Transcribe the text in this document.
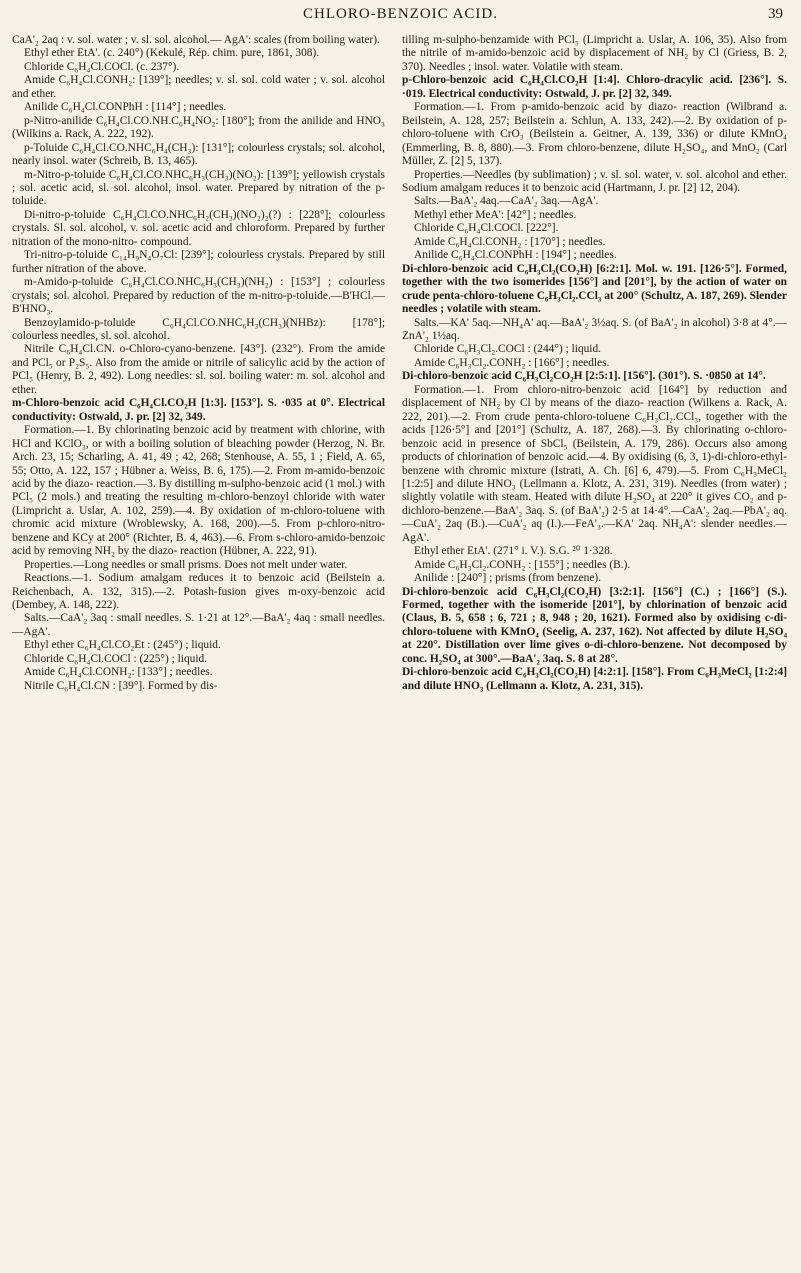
CHLORO-BENZOIC ACID.	39

CaA'₂ 2aq : v. sol. water ; v. sl. sol. alcohol.— AgA': scales (from boiling water).

Ethyl ether EtA'. (c. 240°) (Kekulé, Rép. chim. pure, 1861, 308).

Chloride C₆H₄Cl.COCl. (c. 237°).

Amide C₆H₄Cl.CONH₂: [139°]; needles; v. sl. sol. cold water ; v. sol. alcohol and ether.

Anilide C₆H₄Cl.CONPhH : [114°] ; needles.

p-Nitro-anilide C₆H₄Cl.CO.NH.C₆H₄NO₂: [180°]; from the anilide and HNO₃ (Wilkins a. Rack, A. 222, 192).

p-Toluide C₆H₄Cl.CO.NHC₆H₄(CH₃): [131°]; colourless crystals; sol. alcohol, nearly insol. water (Schreib, B. 13, 465).

m-Nitro-p-toluide C₆H₄Cl.CO.NHC₆H₃(CH₃)(NO₂): [139°]; yellowish crystals ; sol. acetic acid, sl. sol. alcohol, insol. water. Prepared by nitration of the p-toluide.

Di-nitro-p-toluide C₆H₄Cl.CO.NHC₆H₂(CH₃)(NO₂)₂(?) : [228°]; colourless crystals. Sl. sol. alcohol, v. sol. acetic acid and chloroform. Prepared by further nitration of the mono-nitro- compound.

Tri-nitro-p-toluide C₁₄H₉N₄O₇Cl: [239°]; colourless crystals. Prepared by still further nitration of the above.

m-Amido-p-toluide C₆H₄Cl.CO.NHC₆H₃(CH₃)(NH₂) : [153°] ; colourless crystals; sol. alcohol. Prepared by reduction of the m-nitro-p-toluide.—B'HCl.—B'HNO₃.

Benzoylamido-p-toluide C₆H₄Cl.CO.NHC₆H₃(CH₃)(NHBz): [178°]; colourless needles, sl. sol. alcohol.

Nitrile C₆H₄Cl.CN. o-Chloro-cyano-benzene. [43°]. (232°). From the amide and PCl₅ or P₂S₅. Also from the amide or nitrile of salicylic acid by the action of PCl₅ (Henry, B. 2, 492). Long needles: sl. sol. boiling water: m. sol. alcohol and ether.

m-Chloro-benzoic acid C₆H₄Cl.CO₂H [1:3]. [153°]. S. ·035 at 0°. Electrical conductivity: Ostwald, J. pr. [2] 32, 349.

Formation.—1. By chlorinating benzoic acid by treatment with chlorine, with HCl and KClO₃, or with a boiling solution of bleaching powder (Herzog, N. Br. Arch. 23, 15; Scharling, A. 41, 49 ; 42, 268; Stenhouse, A. 55, 1 ; Field, A. 65, 55; Otto, A. 122, 157 ; Hübner a. Weiss, B. 6, 175).—2. From m-amido-benzoic acid by the diazo- reaction.—3. By distilling m-sulpho-benzoic acid (1 mol.) with PCl₅ (2 mols.) and treating the resulting m-chloro-benzoyl chloride with water (Limpricht a. Uslar, A. 102, 259).—4. By oxidation of m-chloro-toluene with chromic acid mixture (Wroblewsky, A. 168, 200).—5. From p-chloro-nitro-benzene and KCy at 200° (Richter, B. 4, 463).—6. From s-chloro-amido-benzoic acid by removing NH₂ by the diazo- reaction (Hübner, A. 222, 91).

Properties.—Long needles or small prisms. Does not melt under water.

Reactions.—1. Sodium amalgam reduces it to benzoic acid (Beilstein a. Reichenbach, A. 132, 315).—2. Potash-fusion gives m-oxy-benzoic acid (Dembey, A. 148, 222).

Salts.—CaA'₂ 3aq : small needles. S. 1·21 at 12°.—BaA'₂ 4aq : small needles.—AgA'.

Ethyl ether C₆H₄Cl.CO₂Et : (245°) ; liquid.

Chloride C₆H₄Cl.COCl : (225°) ; liquid.

Amide C₆H₄Cl.CONH₂: [133°] ; needles.

Nitrile C₆H₄Cl.CN : [39°]. Formed by dis-

tilling m-sulpho-benzamide with PCl₅ (Limpricht a. Uslar, A. 106, 35). Also from the nitrile of m-amido-benzoic acid by displacement of NH₂ by Cl (Griess, B. 2, 370). Needles ; insol. water. Volatile with steam.

p-Chloro-benzoic acid C₆H₄Cl.CO₂H [1:4]. Chloro-dracylic acid. [236°]. S. ·019. Electrical conductivity: Ostwald, J. pr. [2] 32, 349.

Formation.—1. From p-amido-benzoic acid by diazo- reaction (Wilbrand a. Beilstein, A. 128, 257; Beilstein a. Schlun, A. 133, 242).—2. By oxidation of p-chloro-toluene with CrO₃ (Beilstein a. Geitner, A. 139, 336) or dilute KMnO₄ (Emmerling, B. 8, 880).—3. From chloro-benzene, dilute H₂SO₄, and MnO₂ (Carl Müller, Z. [2] 5, 137).

Properties.—Needles (by sublimation) ; v. sl. sol. water, v. sol. alcohol and ether. Sodium amalgam reduces it to benzoic acid (Hartmann, J. pr. [2] 12, 204).

Salts.—BaA'₂ 4aq.—CaA'₂ 3aq.—AgA'.

Methyl ether MeA': [42°] ; needles.

Chloride C₆H₄Cl.COCl. [222°].

Amide C₆H₄Cl.CONH₂ : [170°] ; needles.

Anilide C₆H₄Cl.CONPhH : [194°] ; needles.

Di-chloro-benzoic acid C₆H₃Cl₂(CO₂H) [6:2:1]. Mol. w. 191. [126·5°]. Formed, together with the two isomerides [156°] and [201°], by the action of water on crude penta-chloro-toluene C₆H₃Cl₂.CCl₃ at 200° (Schultz, A. 187, 269). Slender needles ; volatile with steam.

Salts.—KA' 5aq.—NH₄A' aq.—BaA'₂ 3½aq. S. (of BaA'₂ in alcohol) 3·8 at 4°.—ZnA'₂ 1½aq.

Chloride C₆H₃Cl₂.COCl : (244°) ; liquid.

Amide C₆H₃Cl₂.CONH₂ : [166°] ; needles.

Di-chloro-benzoic acid C₆H₃Cl₂CO₂H [2:5:1]. [156°]. (301°). S. ·0850 at 14°.

Formation.—1. From chloro-nitro-benzoic acid [164°] by reduction and displacement of NH₂ by Cl by means of the diazo- reaction (Wilkens a. Rack, A. 222, 201).—2. From crude penta-chloro-toluene C₆H₃Cl₂.CCl₃, together with the acids [126·5°] and [201°] (Schultz, A. 187, 268).—3. By chlorinating o-chloro-benzoic acid in presence of SbCl₅ (Beilstein, A. 179, 286). Occurs also among products of chlorination of benzoic acid.—4. By oxidising (6, 3, 1)-di-chloro-ethyl-benzene with chromic mixture (Istrati, A. Ch. [6] 6, 479).—5. From C₆H₃MeCl₂ [1:2:5] and dilute HNO₃ (Lellmann a. Klotz, A. 231, 319). Needles (from water) ; slightly volatile with steam. Heated with dilute H₂SO₄ at 220° it gives CO₂ and p-dichloro-benzene.—BaA'₂ 3aq. S. (of BaA'₂) 2·5 at 14·4°.—CaA'₂ 2aq.—PbA'₂ aq.—CuA'₂ 2aq (B.).—CuA'₂ aq (I.).—FeA'₃.—KA' 2aq. NH₄A': slender needles.—AgA'.

Ethyl ether EtA'. (271° i. V.). S.G. ²⁰ 1·328.

Amide C₆H₃Cl₂.CONH₂ : [155°] ; needles (B.).

Anilide : [240°] ; prisms (from benzene).

Di-chloro-benzoic acid C₆H₃Cl₂(CO₂H) [3:2:1]. [156°] (C.) ; [166°] (S.). Formed, together with the isomeride [201°], by chlorination of benzoic acid (Claus, B. 5, 658 ; 6, 721 ; 8, 948 ; 20, 1621). Formed also by oxidising c-di-chloro-toluene with KMnO₄ (Seelig, A. 237, 162). Not affected by dilute H₂SO₄ at 220°. Distillation over lime gives o-di-chloro-benzene. Not decomposed by conc. H₂SO₄ at 300°.—BaA'₂ 3aq. S. 8 at 28°.

Di-chloro-benzoic acid C₆H₃Cl₂(CO₂H) [4:2:1]. [158°]. From C₆H₃MeCl₂ [1:2:4] and dilute HNO₃ (Lellmann a. Klotz, A. 231, 315).
